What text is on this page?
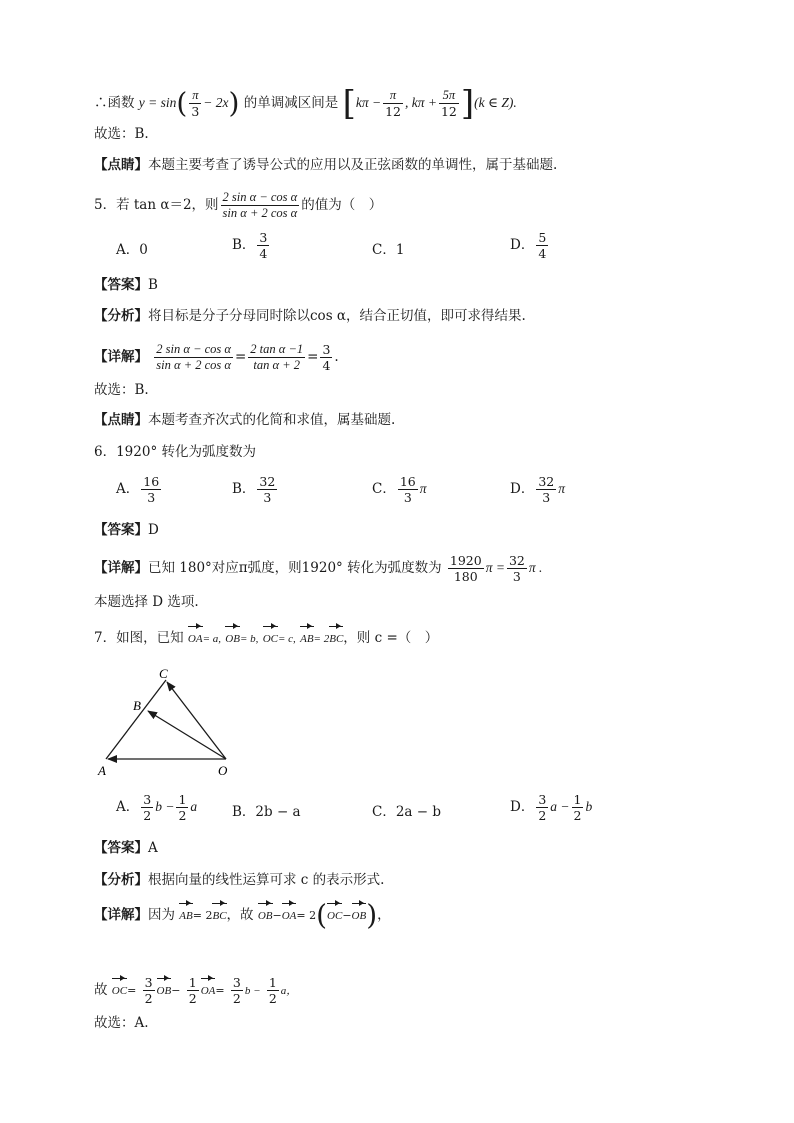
∴函数 $y = \sin( \frac{\pi}{3} - 2x)$ 的单调减区间是 [$k\pi - \frac{\pi}{12}$ , $k\pi + \frac{5\pi}{12} ](k$ ∈ Z).
故选：B.
【点睛】本题主要考查了诱导公式的应用以及正弦函数的单调性，属于基础题.
5．若 tan α＝2，则 $\frac{\text{2 sin α − cos α}}{\text{sin α + 2 cos α}}$ 的值为（　）
A．0	B． $\frac{3}{4}$	C．1	D． $\frac{5}{4}$
【答案】B
【分析】将目标是分子分母同时除以cos α，结合正切值，即可求得结果.
【详解】 $\frac{\text{2 sin α − cos α}}{\text{sin α + 2 cos α}} = \frac{\text{2 tan α −1}}{\text{tan α + 2}} = \frac{3}{4}$ .
故选：B.
【点睛】本题考查齐次式的化简和求值，属基础题.
6．1920° 转化为弧度数为
A． $\frac{16}{3}$	B． $\frac{32}{3}$	C． $\frac{16}{3}$ π	D． $\frac{32}{3}$ π
【答案】D
【详解】已知 180°对应π弧度，则1920° 转化为弧度数为 $\frac{1920}{180}$ $\pi = \frac{32}{3}$ π .
本题选择 D 选项.
7．如图，已知 OA= a, OB= b, OC= c, AB= 2BC，则 c =（　）
C
B
A	O
A． $\frac{3}{2}$ $b - \frac{1}{2}$ a	B．2b − a	C．2a − b	D． $\frac{3}{2}$ $a - \frac{1}{2}$ b
【答案】A
【分析】根据向量的线性运算可求 c 的表示形式.
【详解】因为 AB= 2BC，故 OB−OA= 2(OC−OB)，
故 $OC= \frac{3}{2} OB- \frac{1}{2} OA= \frac{3}{2}$ $b - \frac{1}{2}$ a，
故选：A.
